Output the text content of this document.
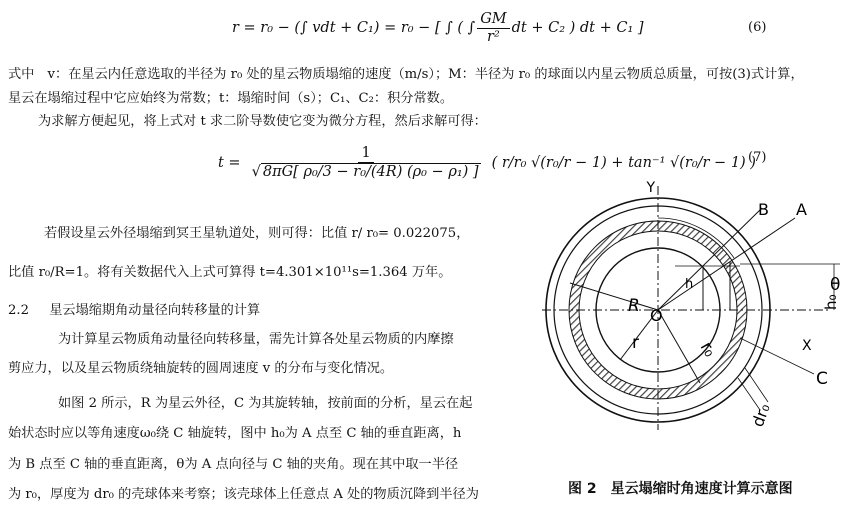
r = r₀ − (∫ vdt + C₁) = r₀ − [ ∫ ( ∫ $\frac{GM}{\text{r²}}$ dt + C₂ ) dt + C₁ ]	(6)
式中　v：在星云内任意选取的半径为 r₀ 处的星云物质塌缩的速度（m/s）；M：半径为 r₀ 的球面以内星云物质总质量，可按(3)式计算，
星云在塌缩过程中它应始终为常数；t：塌缩时间（s）；C₁、C₂：积分常数。
为求解方便起见，将上式对 t 求二阶导数使它变为微分方程，然后求解可得：
$t = \frac{1}{\text{√ 8πG[ ρ₀/3 − r₀/(4R) (ρ₀ − ρ₁) ]}}$ ( r/r₀ √(r₀/r − 1) + tan⁻¹ √(r₀/r − 1) )
(7)
若假设星云外径塌缩到冥王星轨道处，则可得：比值 r/ r₀= 0.022075，
比值 r₀/R=1。将有关数据代入上式可算得 t=4.301×10¹¹s=1.364 万年。
2.2 星云塌缩期角动量径向转移量的计算
为计算星云物质角动量径向转移量，需先计算各处星云物质的内摩擦
剪应力，以及星云物质绕轴旋转的圆周速度 v 的分布与变化情况。
如图 2 所示，R 为星云外径，C 为其旋转轴，按前面的分析，星云在起
始状态时应以等角速度ω₀绕 C 轴旋转，图中 h₀为 A 点至 C 轴的垂直距离，h
为 B 点至 C 轴的垂直距离，θ为 A 点向径与 C 轴的夹角。现在其中取一半径
为 r₀，厚度为 dr₀ 的壳球体来考察；该壳球体上任意点 A 处的物质沉降到半径为
Y
B A
θ
h
h₀
R O
r	r₀	X
C
dr₀
图 2　星云塌缩时角速度计算示意图
